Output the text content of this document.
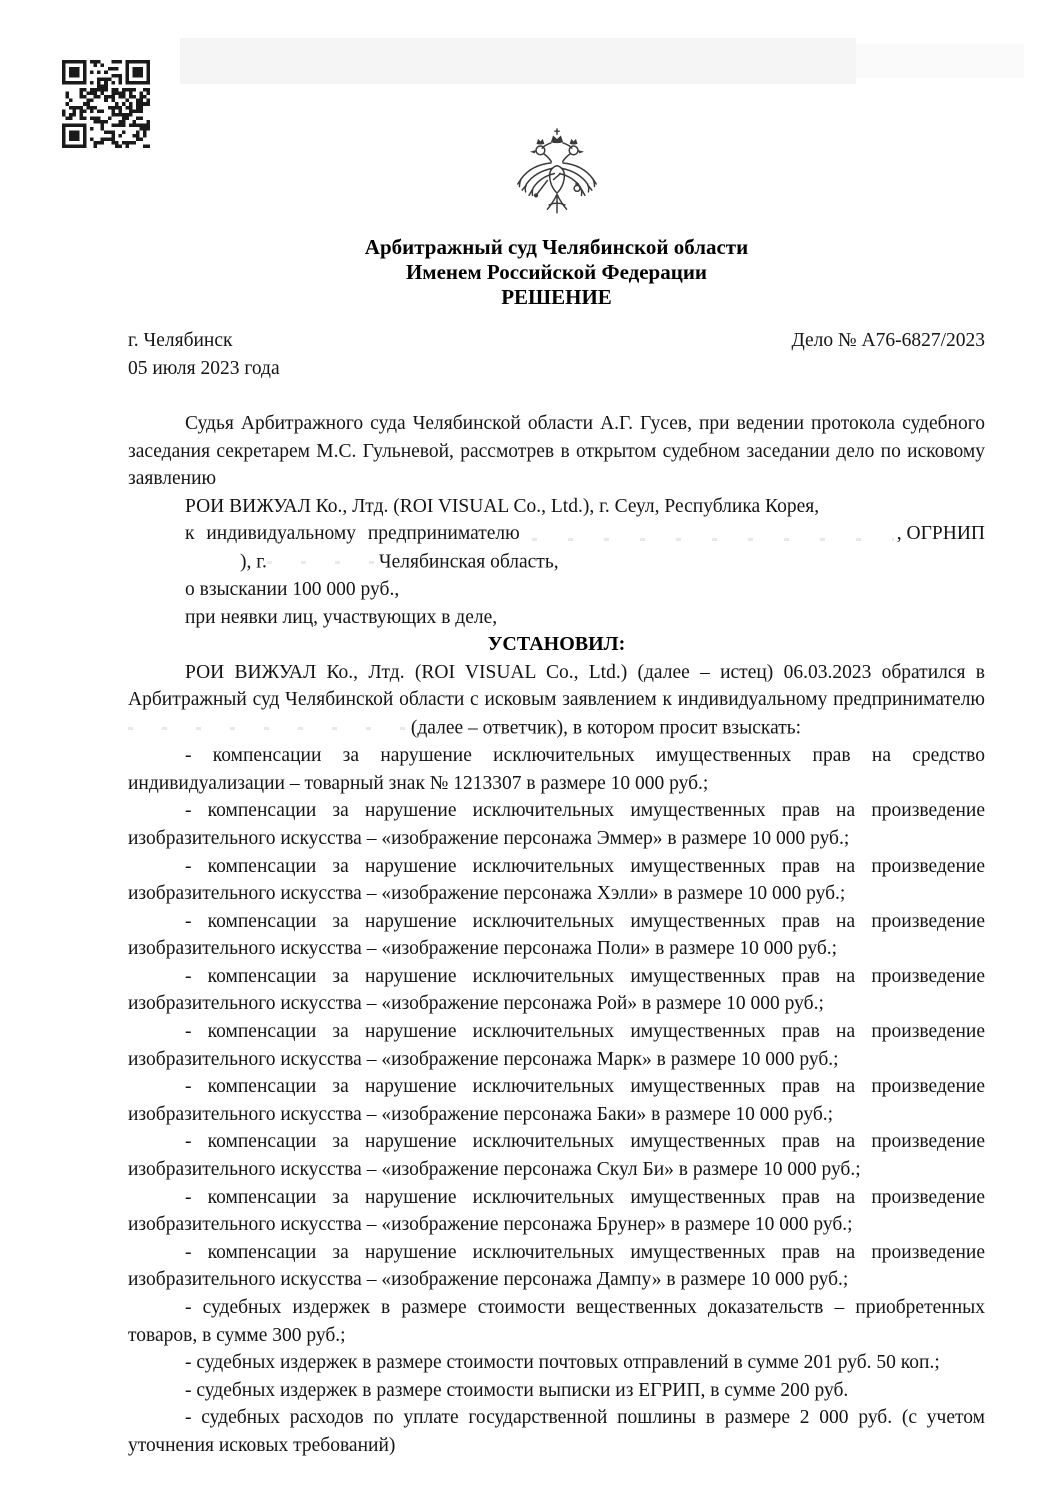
Арбитражный суд Челябинской области
Именем Российской Федерации
РЕШЕНИЕ
г. Челябинск	Дело № А76-6827/2023
05 июля 2023 года

Судья Арбитражного суда Челябинской области А.Г. Гусев, при ведении протокола судебного заседания секретарем М.С. Гульневой, рассмотрев в открытом судебном заседании дело по исковому заявлению

РОИ ВИЖУАЛ Ко., Лтд. (ROI VISUAL Co., Ltd.), г. Сеул, Республика Корея,

к индивидуальному предпринимателю	, ОГРНИП

), г.	Челябинская область,

о взыскании 100 000 руб.,

при неявки лиц, участвующих в деле,

УСТАНОВИЛ:

РОИ ВИЖУАЛ Ко., Лтд. (ROI VISUAL Co., Ltd.) (далее – истец) 06.03.2023 обратился в Арбитражный суд Челябинской области с исковым заявлением к индивидуальному предпринимателю (далее – ответчик), в котором просит взыскать:

- компенсации за нарушение исключительных имущественных прав на средство индивидуализации – товарный знак № 1213307 в размере 10 000 руб.;

- компенсации за нарушение исключительных имущественных прав на произведение изобразительного искусства – «изображение персонажа Эммер» в размере 10 000 руб.;

- компенсации за нарушение исключительных имущественных прав на произведение изобразительного искусства – «изображение персонажа Хэлли» в размере 10 000 руб.;

- компенсации за нарушение исключительных имущественных прав на произведение изобразительного искусства – «изображение персонажа Поли» в размере 10 000 руб.;

- компенсации за нарушение исключительных имущественных прав на произведение изобразительного искусства – «изображение персонажа Рой» в размере 10 000 руб.;

- компенсации за нарушение исключительных имущественных прав на произведение изобразительного искусства – «изображение персонажа Марк» в размере 10 000 руб.;

- компенсации за нарушение исключительных имущественных прав на произведение изобразительного искусства – «изображение персонажа Баки» в размере 10 000 руб.;

- компенсации за нарушение исключительных имущественных прав на произведение изобразительного искусства – «изображение персонажа Скул Би» в размере 10 000 руб.;

- компенсации за нарушение исключительных имущественных прав на произведение изобразительного искусства – «изображение персонажа Брунер» в размере 10 000 руб.;

- компенсации за нарушение исключительных имущественных прав на произведение изобразительного искусства – «изображение персонажа Дампу» в размере 10 000 руб.;

- судебных издержек в размере стоимости вещественных доказательств – приобретенных товаров, в сумме 300 руб.;

- судебных издержек в размере стоимости почтовых отправлений в сумме 201 руб. 50 коп.;

- судебных издержек в размере стоимости выписки из ЕГРИП, в сумме 200 руб.

- судебных расходов по уплате государственной пошлины в размере 2 000 руб. (с учетом уточнения исковых требований)
